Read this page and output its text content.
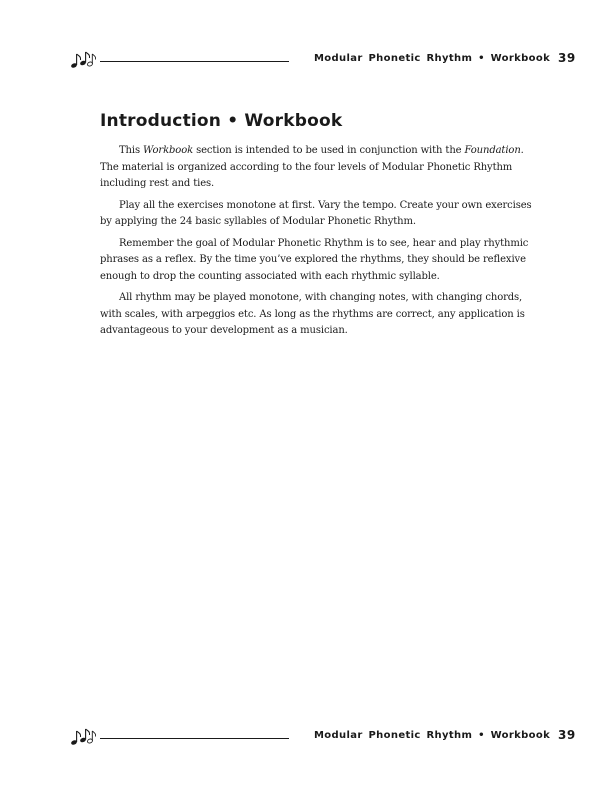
Modular Phonetic Rhythm • Workbook 39
Introduction • Workbook

This Workbook section is intended to be used in conjunction with the Foundation. The material is organized according to the four levels of Modular Phonetic Rhythm including rest and ties.

Play all the exercises monotone at first. Vary the tempo. Create your own exercises by applying the 24 basic syllables of Modular Phonetic Rhythm.

Remember the goal of Modular Phonetic Rhythm is to see, hear and play rhythmic phrases as a reflex. By the time you’ve explored the rhythms, they should be reflexive enough to drop the counting associated with each rhythmic syllable.

All rhythm may be played monotone, with changing notes, with changing chords, with scales, with arpeggios etc. As long as the rhythms are correct, any application is advantageous to your development as a musician.

Modular Phonetic Rhythm • Workbook 39
